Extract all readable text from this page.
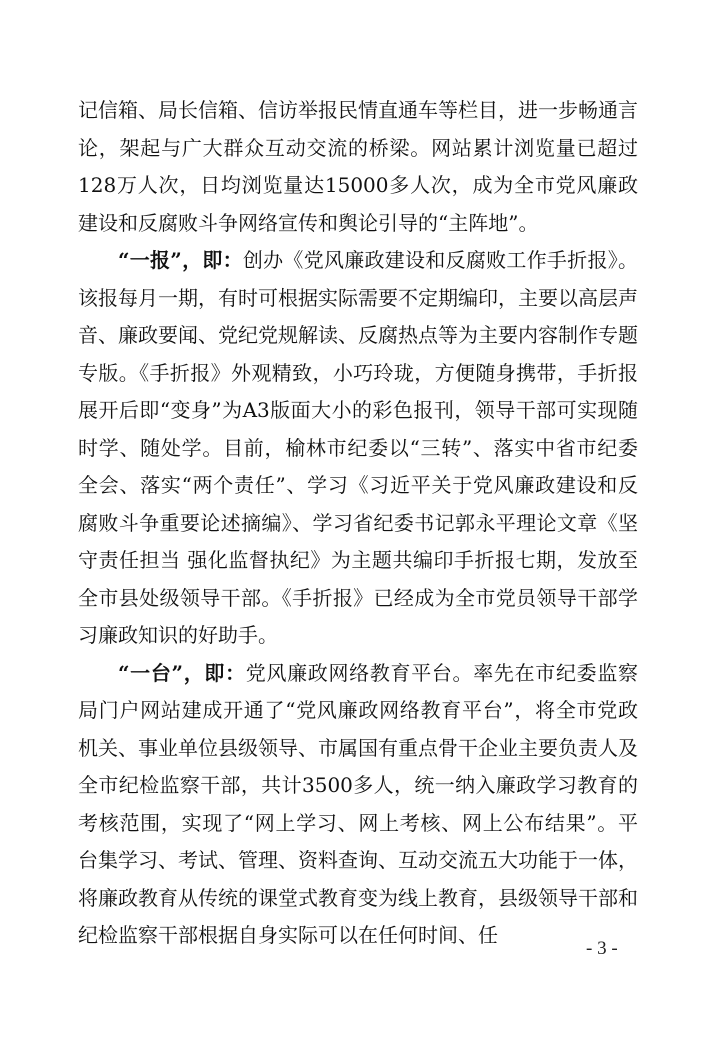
记信箱、局长信箱、信访举报民情直通车等栏目，进一步畅通言论，架起与广大群众互动交流的桥梁。网站累计浏览量已超过128万人次，日均浏览量达15000多人次，成为全市党风廉政建设和反腐败斗争网络宣传和舆论引导的“主阵地”。

“一报”，即：创办《党风廉政建设和反腐败工作手折报》。该报每月一期，有时可根据实际需要不定期编印，主要以高层声音、廉政要闻、党纪党规解读、反腐热点等为主要内容制作专题专版。《手折报》外观精致，小巧玲珑，方便随身携带，手折报展开后即“变身”为A3版面大小的彩色报刊，领导干部可实现随时学、随处学。目前，榆林市纪委以“三转”、落实中省市纪委全会、落实“两个责任”、学习《习近平关于党风廉政建设和反腐败斗争重要论述摘编》、学习省纪委书记郭永平理论文章《坚守责任担当 强化监督执纪》为主题共编印手折报七期，发放至全市县处级领导干部。《手折报》已经成为全市党员领导干部学习廉政知识的好助手。

“一台”，即：党风廉政网络教育平台。率先在市纪委监察局门户网站建成开通了“党风廉政网络教育平台”，将全市党政机关、事业单位县级领导、市属国有重点骨干企业主要负责人及全市纪检监察干部，共计3500多人，统一纳入廉政学习教育的考核范围，实现了“网上学习、网上考核、网上公布结果”。平台集学习、考试、管理、资料查询、互动交流五大功能于一体，将廉政教育从传统的课堂式教育变为线上教育，县级领导干部和纪检监察干部根据自身实际可以在任何时间、任

- 3 -
